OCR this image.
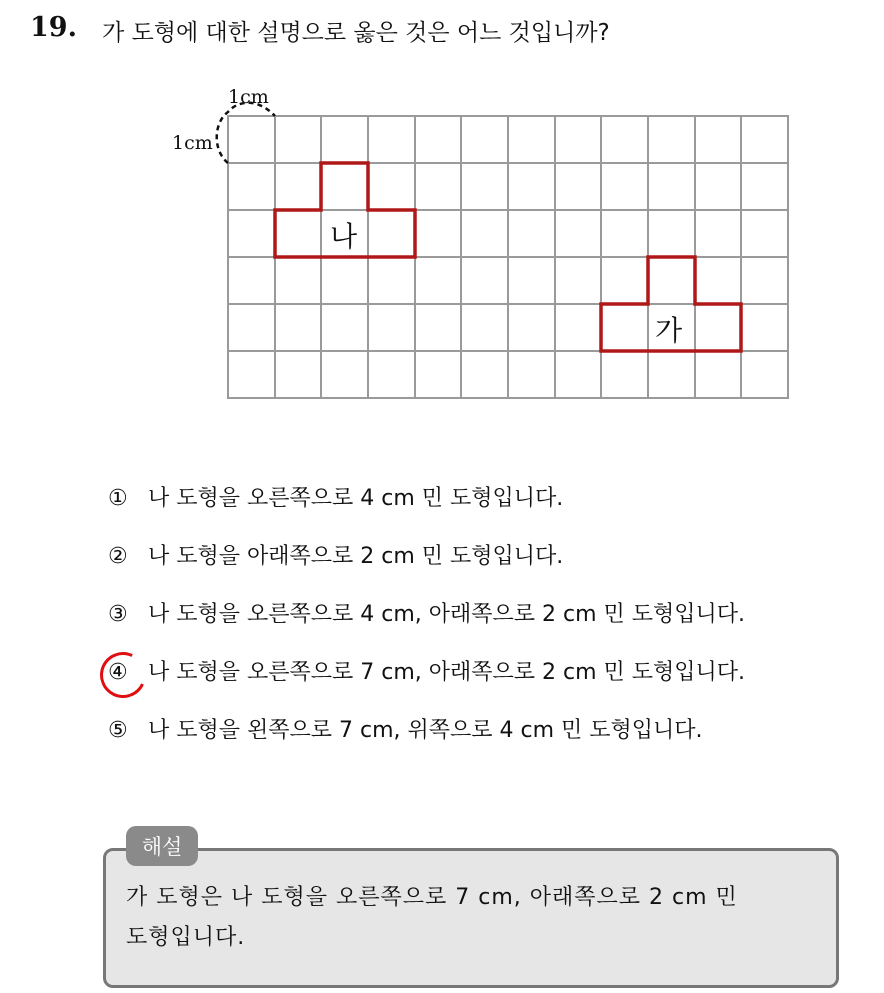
19. 가 도형에 대한 설명으로 옳은 것은 어느 것입니까?
1cm
1cm
나
가
① 나 도형을 오른쪽으로 4 cm 민 도형입니다.
② 나 도형을 아래쪽으로 2 cm 민 도형입니다.
③ 나 도형을 오른쪽으로 4 cm, 아래쪽으로 2 cm 민 도형입니다.
④ 나 도형을 오른쪽으로 7 cm, 아래쪽으로 2 cm 민 도형입니다.
⑤ 나 도형을 왼쪽으로 7 cm, 위쪽으로 4 cm 민 도형입니다.
해설
가 도형은 나 도형을 오른쪽으로 7 cm, 아래쪽으로 2 cm 민
도형입니다.
